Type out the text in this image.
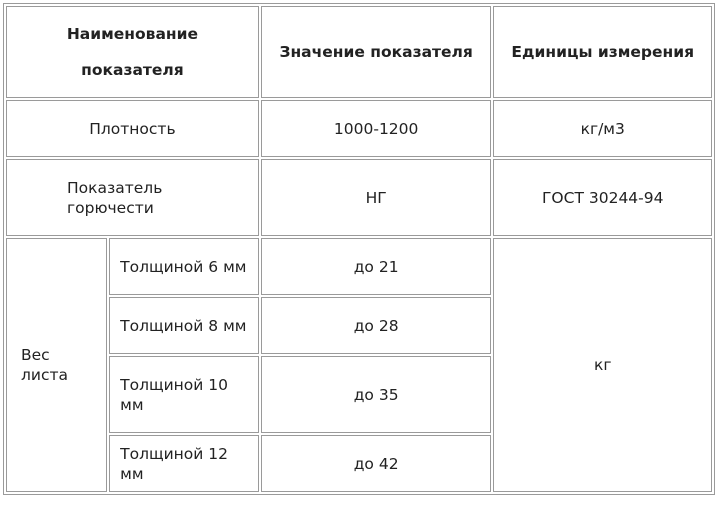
Наименование показателя		Значение показателя	Единицы измерения
Плотность		1000-1200	кг/м3
Показатель
горючести		НГ	ГОСТ 30244-94
Вес
листа	Толщиной 6 мм	до 21	кг
	Толщиной 8 мм	до 28	
	Толщиной 10
мм	до 35	
	Толщиной 12 мм	до 42	
